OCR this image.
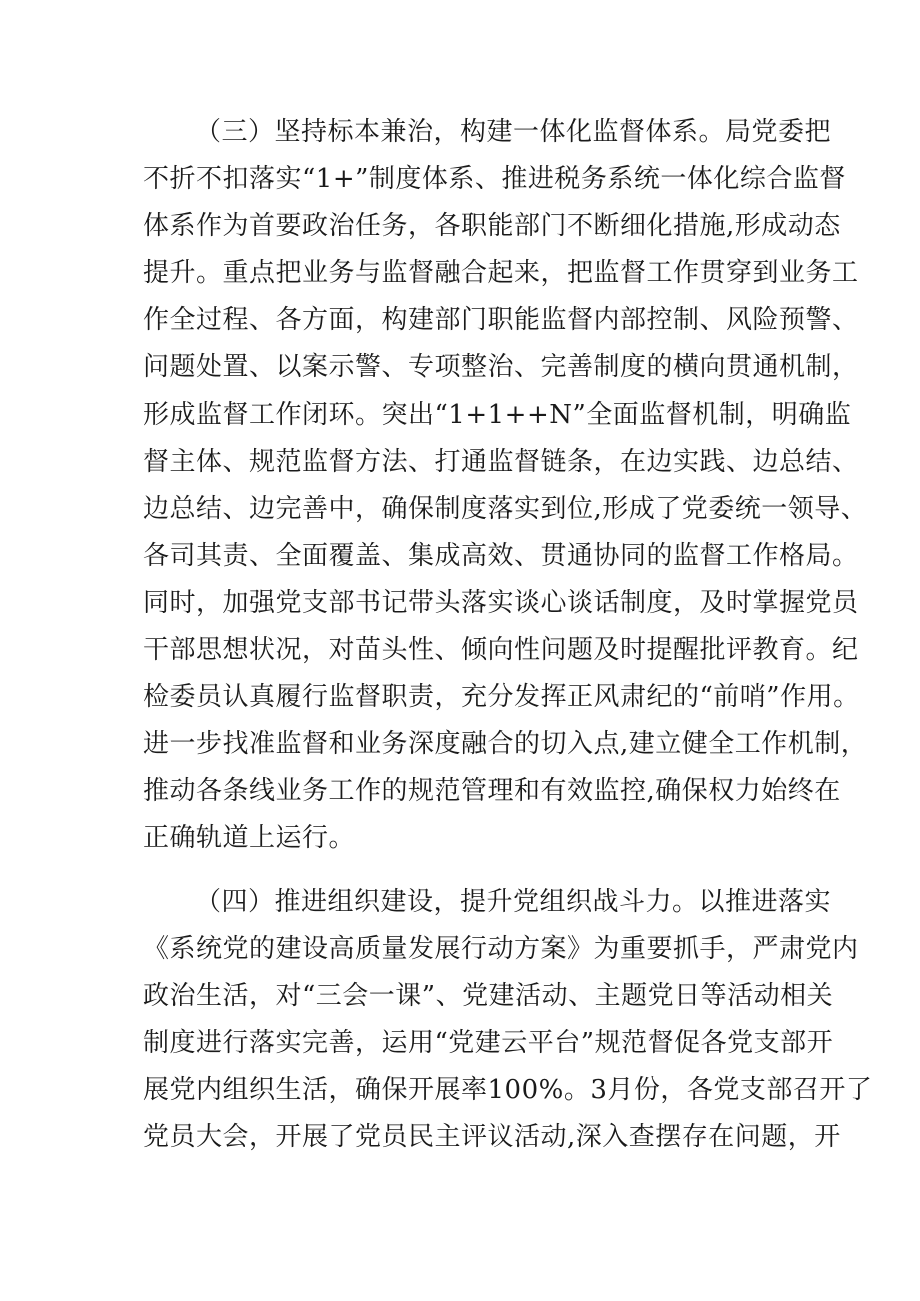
（三）坚持标本兼治，构建一体化监督体系。局党委把
不折不扣落实“1+”制度体系、推进税务系统一体化综合监督
体系作为首要政治任务，各职能部门不断细化措施,形成动态
提升。重点把业务与监督融合起来，把监督工作贯穿到业务工
作全过程、各方面，构建部门职能监督内部控制、风险预警、
问题处置、以案示警、专项整治、完善制度的横向贯通机制，
形成监督工作闭环。突出“1+1++N”全面监督机制，明确监
督主体、规范监督方法、打通监督链条，在边实践、边总结、
边总结、边完善中，确保制度落实到位,形成了党委统一领导、
各司其责、全面覆盖、集成高效、贯通协同的监督工作格局。
同时，加强党支部书记带头落实谈心谈话制度，及时掌握党员
干部思想状况，对苗头性、倾向性问题及时提醒批评教育。纪
检委员认真履行监督职责，充分发挥正风肃纪的“前哨”作用。
进一步找准监督和业务深度融合的切入点,建立健全工作机制，
推动各条线业务工作的规范管理和有效监控,确保权力始终在
正确轨道上运行。
（四）推进组织建设，提升党组织战斗力。以推进落实
《系统党的建设高质量发展行动方案》为重要抓手，严肃党内
政治生活，对“三会一课”、党建活动、主题党日等活动相关
制度进行落实完善，运用“党建云平台”规范督促各党支部开
展党内组织生活，确保开展率100%。3月份，各党支部召开了
党员大会，开展了党员民主评议活动,深入查摆存在问题，开
